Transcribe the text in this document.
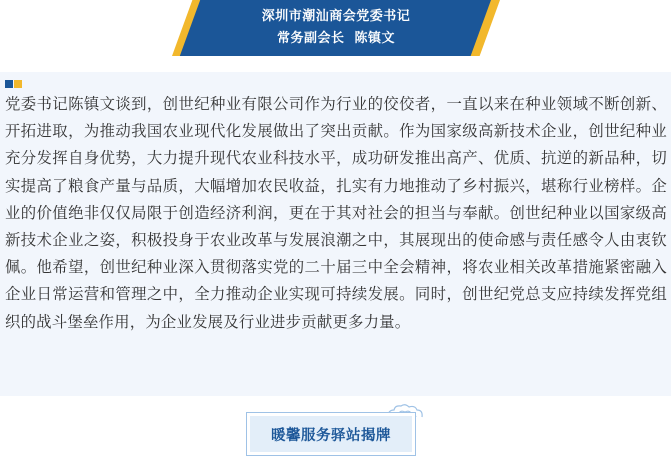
深圳市潮汕商会党委书记
常务副会长  陈镇文

党委书记陈镇文谈到，创世纪种业有限公司作为行业的佼佼者，一直以来在种业领域不断创新、开拓进取，为推动我国农业现代化发展做出了突出贡献。作为国家级高新技术企业，创世纪种业充分发挥自身优势，大力提升现代农业科技水平，成功研发推出高产、优质、抗逆的新品种，切实提高了粮食产量与品质，大幅增加农民收益，扎实有力地推动了乡村振兴，堪称行业榜样。企业的价值绝非仅仅局限于创造经济利润，更在于其对社会的担当与奉献。创世纪种业以国家级高新技术企业之姿，积极投身于农业改革与发展浪潮之中，其展现出的使命感与责任感令人由衷钦佩。他希望，创世纪种业深入贯彻落实党的二十届三中全会精神，将农业相关改革措施紧密融入企业日常运营和管理之中，全力推动企业实现可持续发展。同时，创世纪党总支应持续发挥党组织的战斗堡垒作用，为企业发展及行业进步贡献更多力量。

暖馨服务驿站揭牌
